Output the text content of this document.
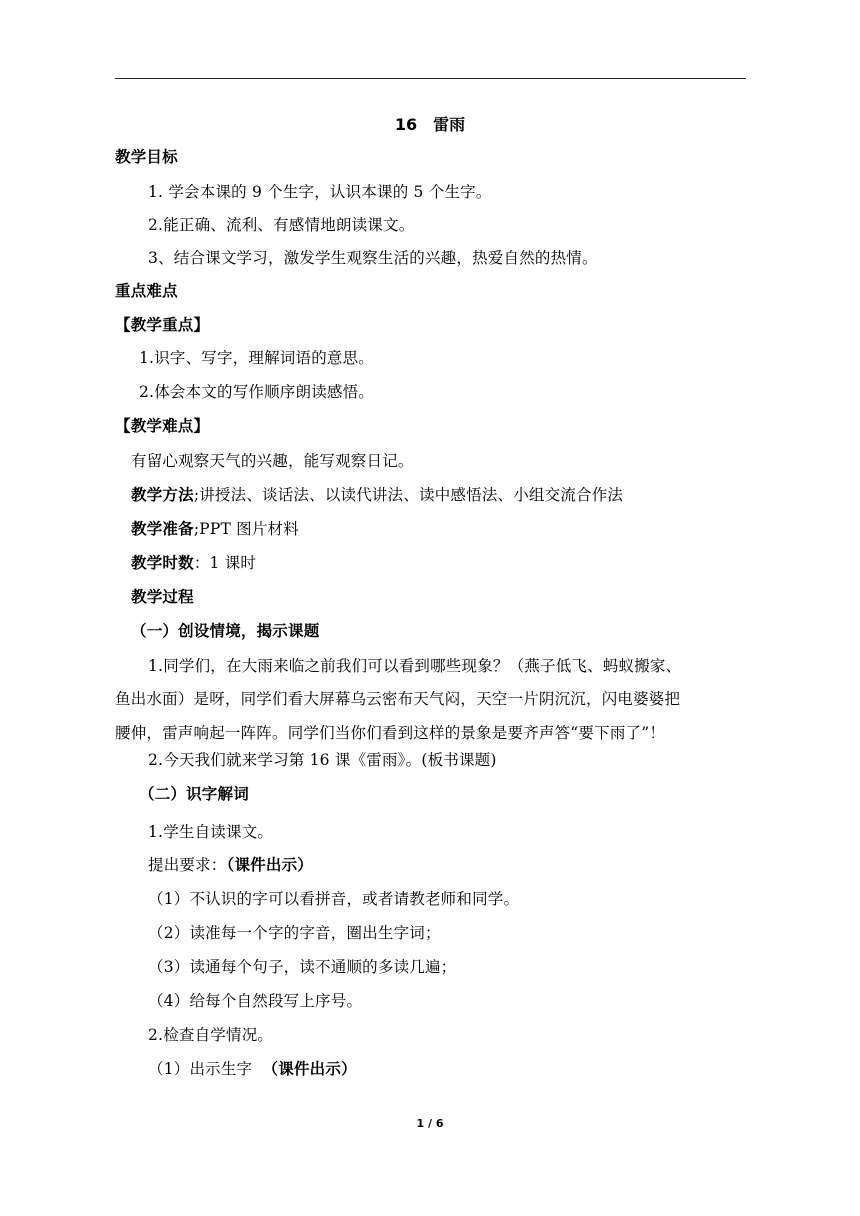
16　雷雨
教学目标
1. 学会本课的 9 个生字，认识本课的 5 个生字。
2.能正确、流利、有感情地朗读课文。
3、结合课文学习，激发学生观察生活的兴趣，热爱自然的热情。
重点难点
【教学重点】
1.识字、写字，理解词语的意思。
2.体会本文的写作顺序朗读感悟。
【教学难点】
有留心观察天气的兴趣，能写观察日记。
教学方法;讲授法、谈话法、以读代讲法、读中感悟法、小组交流合作法
教学准备;PPT 图片材料
教学时数：1 课时
教学过程
（一）创设情境，揭示课题
1.同学们，在大雨来临之前我们可以看到哪些现象？（燕子低飞、蚂蚁搬家、
鱼出水面）是呀，同学们看大屏幕乌云密布天气闷，天空一片阴沉沉，闪电婆婆把
腰伸，雷声响起一阵阵。同学们当你们看到这样的景象是要齐声答“要下雨了”！
2.今天我们就来学习第 16 课《雷雨》。(板书课题)
（二）识字解词
1.学生自读课文。
提出要求：（课件出示）
（1）不认识的字可以看拼音，或者请教老师和同学。
（2）读准每一个字的字音，圈出生字词；
（3）读通每个句子，读不通顺的多读几遍；
（4）给每个自然段写上序号。
2.检查自学情况。
（1）出示生字 （课件出示）
1 / 6
